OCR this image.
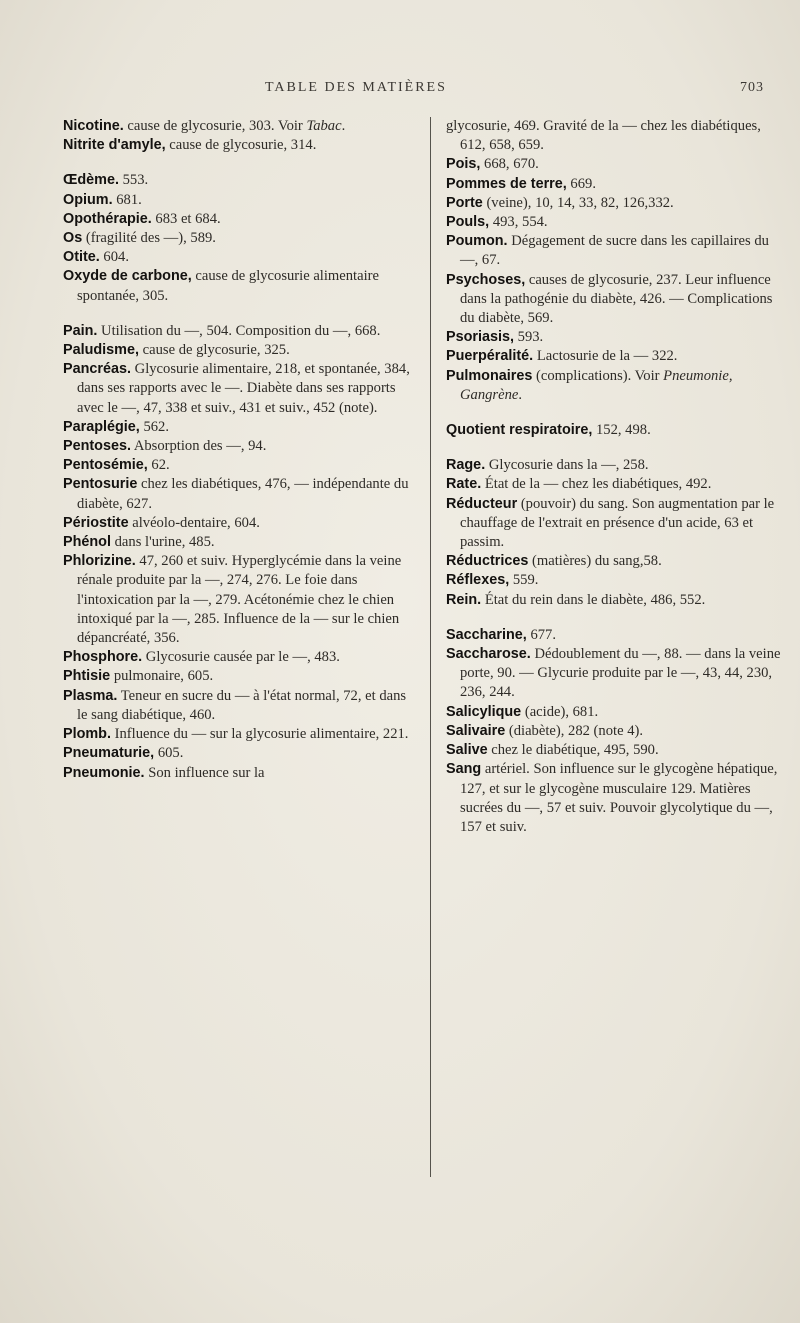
TABLE DES MATIÈRES	703

Nicotine. cause de glycosurie, 303. Voir Tabac.

Nitrite d'amyle, cause de glycosurie, 314.

Œdème. 553.

Opium. 681.

Opothérapie. 683 et 684.

Os (fragilité des —), 589.

Otite. 604.

Oxyde de carbone, cause de glycosurie alimentaire spontanée, 305.

Pain. Utilisation du —, 504. Composition du —, 668.

Paludisme, cause de glycosurie, 325.

Pancréas. Glycosurie alimentaire, 218, et spontanée, 384, dans ses rapports avec le —. Diabète dans ses rapports avec le —, 47, 338 et suiv., 431 et suiv., 452 (note).

Paraplégie, 562.

Pentoses. Absorption des —, 94.

Pentosémie, 62.

Pentosurie chez les diabétiques, 476, — indépendante du diabète, 627.

Périostite alvéolo-dentaire, 604.

Phénol dans l'urine, 485.

Phlorizine. 47, 260 et suiv. Hyperglycémie dans la veine rénale produite par la —, 274, 276. Le foie dans l'intoxication par la —, 279. Acétonémie chez le chien intoxiqué par la —, 285. Influence de la — sur le chien dépancréaté, 356.

Phosphore. Glycosurie causée par le —, 483.

Phtisie pulmonaire, 605.

Plasma. Teneur en sucre du — à l'état normal, 72, et dans le sang diabétique, 460.

Plomb. Influence du — sur la glycosurie alimentaire, 221.

Pneumaturie, 605.

Pneumonie. Son influence sur la

glycosurie, 469. Gravité de la — chez les diabétiques, 612, 658, 659.

Pois, 668, 670.

Pommes de terre, 669.

Porte (veine), 10, 14, 33, 82, 126,332.

Pouls, 493, 554.

Poumon. Dégagement de sucre dans les capillaires du —, 67.

Psychoses, causes de glycosurie, 237. Leur influence dans la pathogénie du diabète, 426. — Complications du diabète, 569.

Psoriasis, 593.

Puerpéralité. Lactosurie de la — 322.

Pulmonaires (complications). Voir Pneumonie, Gangrène.

Quotient respiratoire, 152, 498.

Rage. Glycosurie dans la —, 258.

Rate. État de la — chez les diabétiques, 492.

Réducteur (pouvoir) du sang. Son augmentation par le chauffage de l'extrait en présence d'un acide, 63 et passim.

Réductrices (matières) du sang,58.

Réflexes, 559.

Rein. État du rein dans le diabète, 486, 552.

Saccharine, 677.

Saccharose. Dédoublement du —, 88. — dans la veine porte, 90. — Glycurie produite par le —, 43, 44, 230, 236, 244.

Salicylique (acide), 681.

Salivaire (diabète), 282 (note 4).

Salive chez le diabétique, 495, 590.

Sang artériel. Son influence sur le glycogène hépatique, 127, et sur le glycogène musculaire 129. Matières sucrées du —, 57 et suiv. Pouvoir glycolytique du —, 157 et suiv.
